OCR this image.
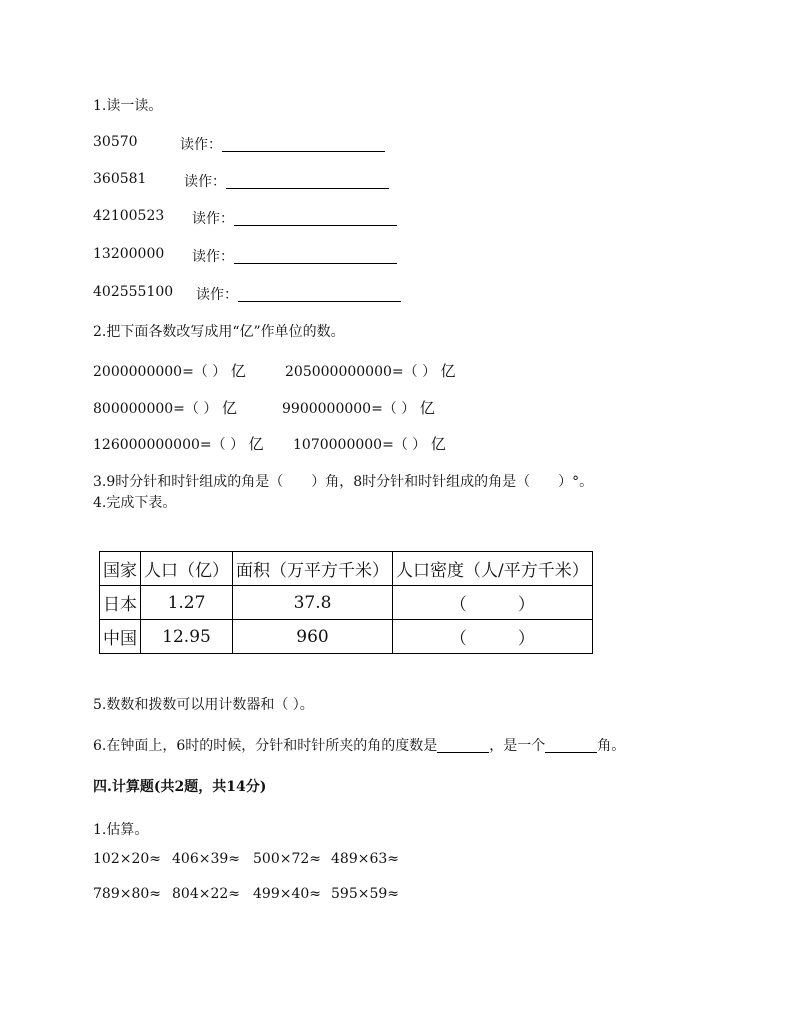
1.读一读。
30570	读作：
360581	读作：
42100523 读作：
13200000 读作：
402555100 读作：
2.把下面各数改写成用“亿”作单位的数。
2000000000=（ ） 亿	205000000000=（ ） 亿
800000000=（ ） 亿	9900000000=（ ） 亿
126000000000=（ ） 亿 1070000000=（ ） 亿
3.9时分针和时针组成的角是（　　）角，8时分针和时针组成的角是（　　）°。
4.完成下表。
国家	人口（亿）	面积（万平方千米）	人口密度（人/平方千米）
日本	1.27	37.8	（　　　）
中国	12.95	960	（　　　）
5.数数和拨数可以用计数器和（ ）。
6.在钟面上，6时的时候，分针和时针所夹的角的度数是	，是一个	角。
四.计算题(共2题，共14分)
1.估算。
102×20≈ 406×39≈ 500×72≈ 489×63≈
789×80≈ 804×22≈ 499×40≈ 595×59≈
